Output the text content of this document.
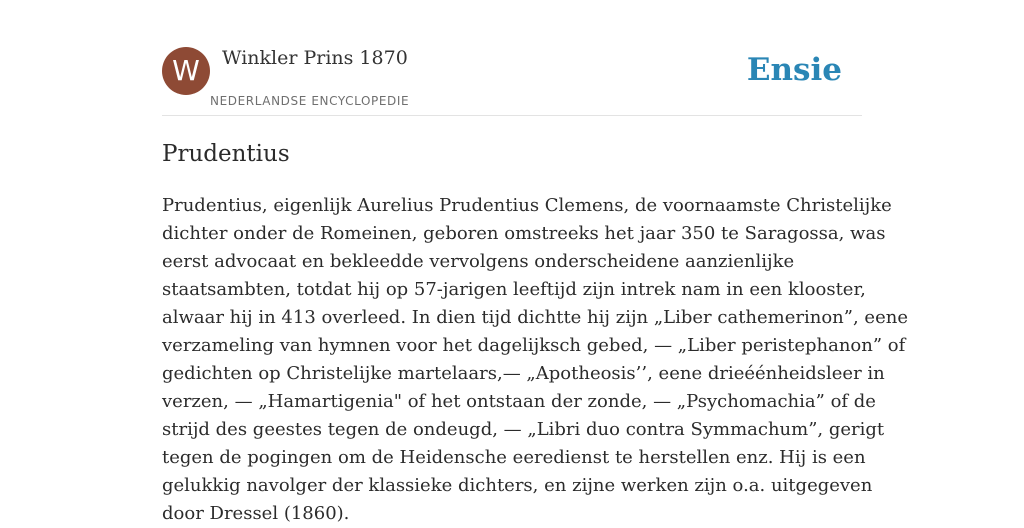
W	Winkler Prins 1870
NEDERLANDSE ENCYCLOPEDIE
Ensie
Prudentius
Prudentius, eigenlijk Aurelius Prudentius Clemens, de voornaamste Christelijke
dichter onder de Romeinen, geboren omstreeks het jaar 350 te Saragossa, was
eerst advocaat en bekleedde vervolgens onderscheidene aanzienlijke
staatsambten, totdat hij op 57-jarigen leeftijd zijn intrek nam in een klooster,
alwaar hij in 413 overleed. In dien tijd dichtte hij zijn „Liber cathemerinon”, eene
verzameling van hymnen voor het dagelijksch gebed, — „Liber peristephanon” of
gedichten op Christelijke martelaars,— „Apotheosis’’, eene drieéénheidsleer in
verzen, — „Hamartigenia" of het ontstaan der zonde, — „Psychomachia” of de
strijd des geestes tegen de ondeugd, — „Libri duo contra Symmachum”, gerigt
tegen de pogingen om de Heidensche eeredienst te herstellen enz. Hij is een
gelukkig navolger der klassieke dichters, en zijne werken zijn o.a. uitgegeven
door Dressel (1860).
